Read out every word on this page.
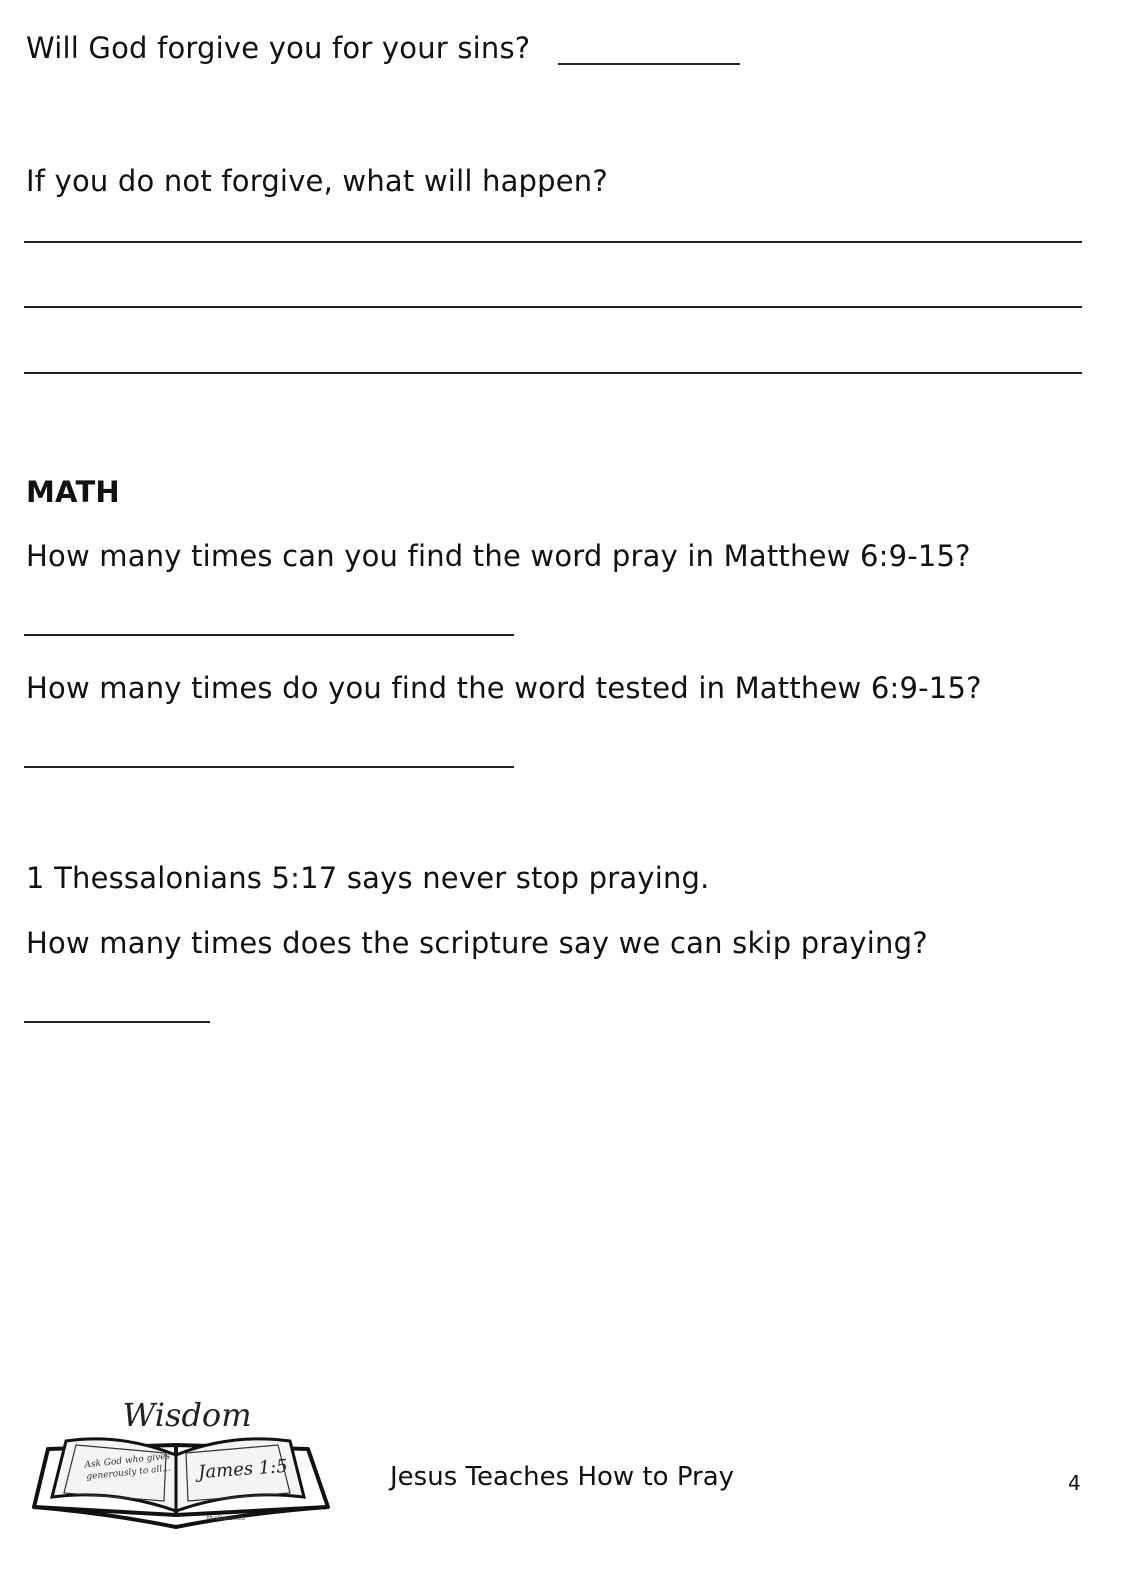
Will God forgive you for your sins?

If you do not forgive, what will happen?

MATH

How many times can you find the word pray in Matthew 6:9-15?

How many times do you find the word tested in Matthew 6:9-15?

1 Thessalonians 5:17 says never stop praying.

How many times does the scripture say we can skip praying?

Wisdom
Ask God who gives generously to all...	James 1:5
MrsDavsweb
Jesus Teaches How to Pray	4
